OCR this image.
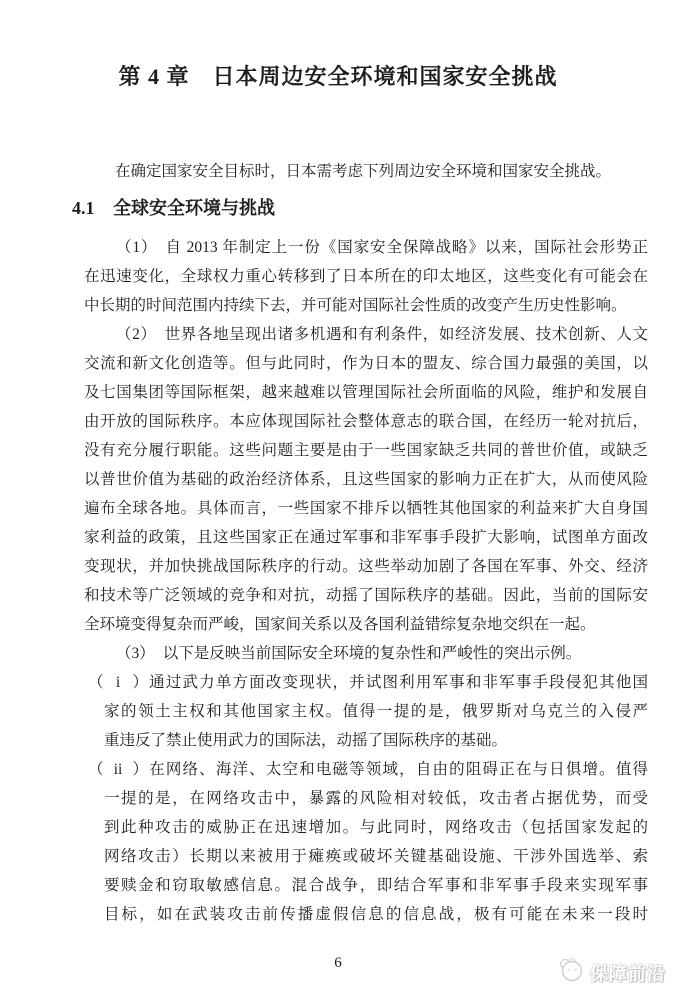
第 4 章　日本周边安全环境和国家安全挑战
在确定国家安全目标时，日本需考虑下列周边安全环境和国家安全挑战。
4.1 全球安全环境与挑战
（1） 自 2013 年制定上一份《国家安全保障战略》以来，国际社会形势正
在迅速变化，全球权力重心转移到了日本所在的印太地区，这些变化有可能会在
中长期的时间范围内持续下去，并可能对国际社会性质的改变产生历史性影响。
（2） 世界各地呈现出诸多机遇和有利条件，如经济发展、技术创新、人文
交流和新文化创造等。但与此同时，作为日本的盟友、综合国力最强的美国，以
及七国集团等国际框架，越来越难以管理国际社会所面临的风险，维护和发展自
由开放的国际秩序。本应体现国际社会整体意志的联合国，在经历一轮对抗后，
没有充分履行职能。这些问题主要是由于一些国家缺乏共同的普世价值，或缺乏
以普世价值为基础的政治经济体系，且这些国家的影响力正在扩大，从而使风险
遍布全球各地。具体而言，一些国家不排斥以牺牲其他国家的利益来扩大自身国
家利益的政策，且这些国家正在通过军事和非军事手段扩大影响，试图单方面改
变现状，并加快挑战国际秩序的行动。这些举动加剧了各国在军事、外交、经济
和技术等广泛领域的竞争和对抗，动摇了国际秩序的基础。因此，当前的国际安
全环境变得复杂而严峻，国家间关系以及各国利益错综复杂地交织在一起。
（3） 以下是反映当前国际安全环境的复杂性和严峻性的突出示例。
（i）通过武力单方面改变现状，并试图利用军事和非军事手段侵犯其他国
家的领土主权和其他国家主权。值得一提的是，俄罗斯对乌克兰的入侵严
重违反了禁止使用武力的国际法，动摇了国际秩序的基础。
（ii）在网络、海洋、太空和电磁等领域，自由的阻碍正在与日俱增。值得
一提的是，在网络攻击中，暴露的风险相对较低，攻击者占据优势，而受
到此种攻击的威胁正在迅速增加。与此同时，网络攻击（包括国家发起的
网络攻击）长期以来被用于瘫痪或破坏关键基础设施、干涉外国选举、索
要赎金和窃取敏感信息。混合战争，即结合军事和非军事手段来实现军事
目标，如在武装攻击前传播虚假信息的信息战，极有可能在未来一段时
6
保障前沿
